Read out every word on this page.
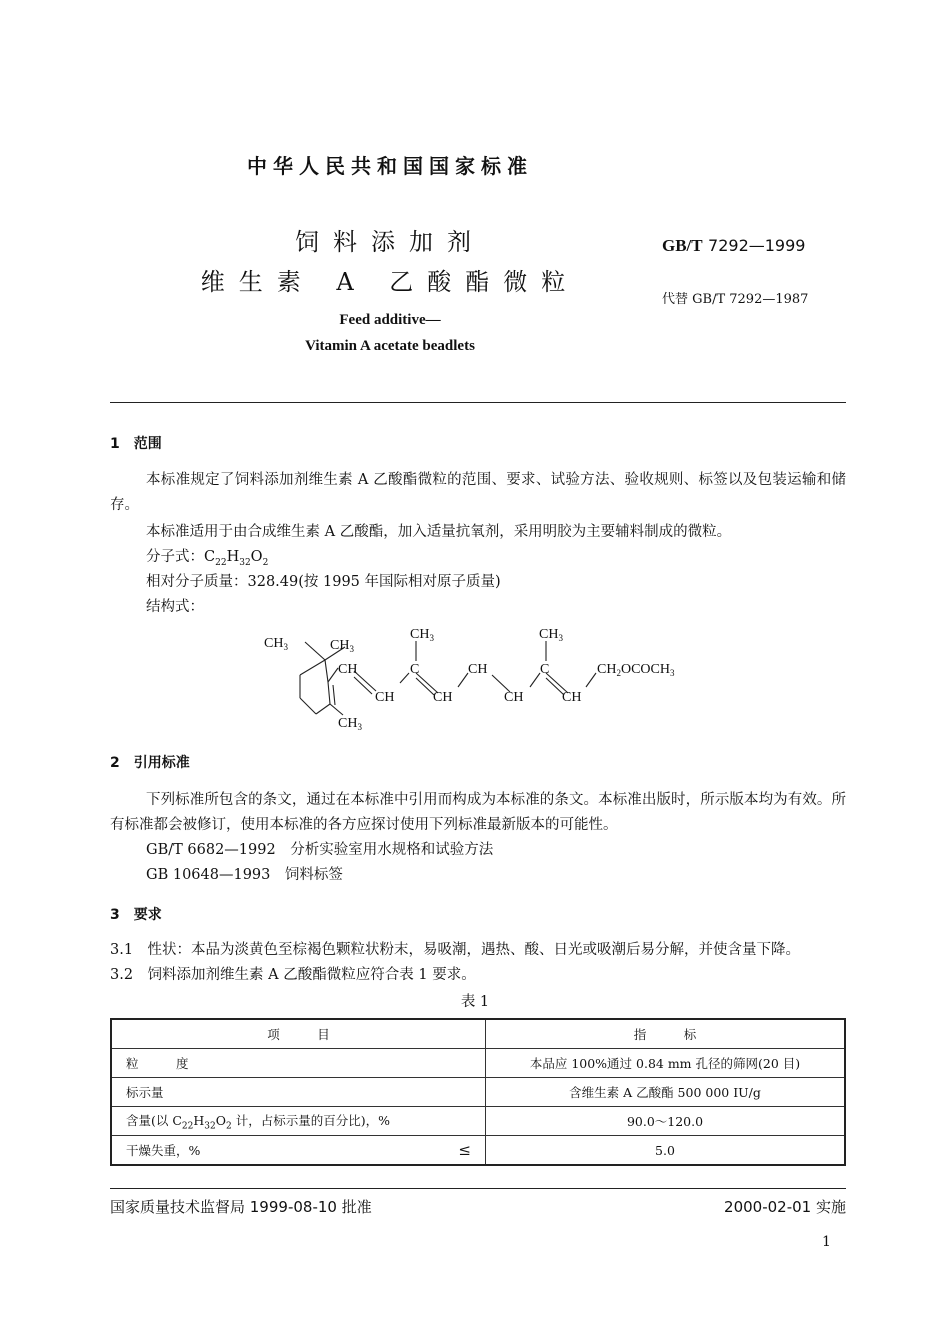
中华人民共和国国家标准
饲料添加剂
维生素 A 乙酸酯微粒
Feed additive—
Vitamin A acetate beadlets
GB/T 7292—1999
代替 GB/T 7292—1987
1　范围
本标准规定了饲料添加剂维生素 A 乙酸酯微粒的范围、要求、试验方法、验收规则、标签以及包装运输和储存。
本标准适用于由合成维生素 A 乙酸酯，加入适量抗氧剂，采用明胶为主要辅料制成的微粒。
分子式：$C_{22}H_{32}O_2$
相对分子质量：328.49(按 1995 年国际相对原子质量)
结构式：
$CH_3$	$CH_3$
CH
CH
$CH_3$
C
CH
CH
CH
$CH_3$
C
CH
$CH_2OCOCH_3$
$CH_3$
2　引用标准
下列标准所包含的条文，通过在本标准中引用而构成为本标准的条文。本标准出版时，所示版本均为有效。所有标准都会被修订，使用本标准的各方应探讨使用下列标准最新版本的可能性。
GB/T 6682—1992　分析实验室用水规格和试验方法
GB 10648—1993　饲料标签
3　要求
3.1　性状：本品为淡黄色至棕褐色颗粒状粉末，易吸潮，遇热、酸、日光或吸潮后易分解，并使含量下降。
3.2　饲料添加剂维生素 A 乙酸酯微粒应符合表 1 要求。
表 1
项　　　目	指　　　标
粒　　　度	本品应 100%通过 0.84 mm 孔径的筛网(20 目)
标示量	含维生素 A 乙酸酯 500 000 IU/g
含量(以 $C_{22}H_{32}O_2$ 计，占标示量的百分比)，%	90.0～120.0
干燥失重，% ≤	5.0
国家质量技术监督局 1999-08-10 批准	2000-02-01 实施
1
